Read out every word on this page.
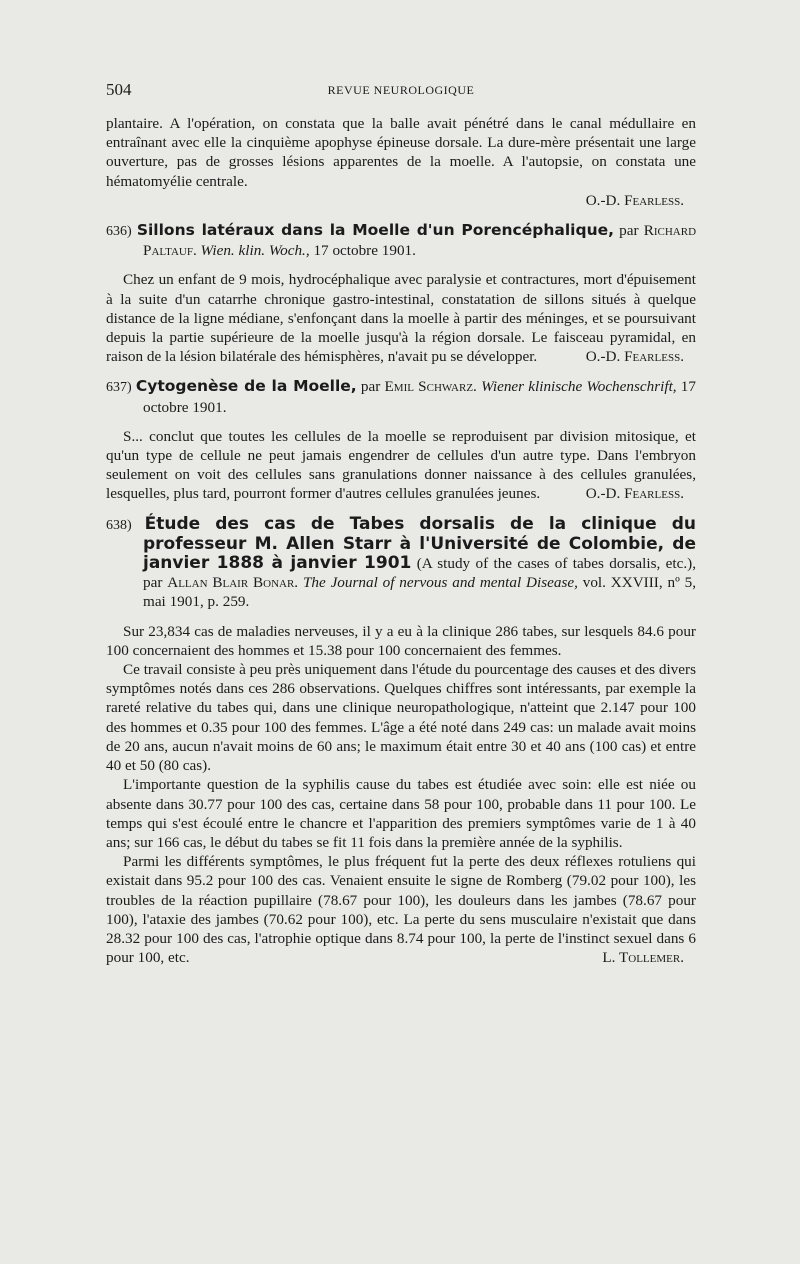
504	REVUE NEUROLOGIQUE

plantaire. A l'opération, on constata que la balle avait pénétré dans le canal médullaire en entraînant avec elle la cinquième apophyse épineuse dorsale. La dure-mère présentait une large ouverture, pas de grosses lésions apparentes de la moelle. A l'autopsie, on constata une hématomyélie centrale.

O.-D. Fearless.

636) Sillons latéraux dans la Moelle d'un Porencéphalique, par Richard Paltauf. Wien. klin. Woch., 17 octobre 1901.

Chez un enfant de 9 mois, hydrocéphalique avec paralysie et contractures, mort d'épuisement à la suite d'un catarrhe chronique gastro-intestinal, constatation de sillons situés à quelque distance de la ligne médiane, s'enfonçant dans la moelle à partir des méninges, et se poursuivant depuis la partie supérieure de la moelle jusqu'à la région dorsale. Le faisceau pyramidal, en raison de la lésion bilatérale des hémisphères, n'avait pu se développer.	O.-D. Fearless.

637) Cytogenèse de la Moelle, par Emil Schwarz. Wiener klinische Wochenschrift, 17 octobre 1901.

S... conclut que toutes les cellules de la moelle se reproduisent par division mitosique, et qu'un type de cellule ne peut jamais engendrer de cellules d'un autre type. Dans l'embryon seulement on voit des cellules sans granulations donner naissance à des cellules granulées, lesquelles, plus tard, pourront former d'autres cellules granulées jeunes.	O.-D. Fearless.

638) Étude des cas de Tabes dorsalis de la clinique du professeur M. Allen Starr à l'Université de Colombie, de janvier 1888 à janvier 1901 (A study of the cases of tabes dorsalis, etc.), par Allan Blair Bonar. The Journal of nervous and mental Disease, vol. XXVIII, nº 5, mai 1901, p. 259.

Sur 23,834 cas de maladies nerveuses, il y a eu à la clinique 286 tabes, sur lesquels 84.6 pour 100 concernaient des hommes et 15.38 pour 100 concernaient des femmes.

Ce travail consiste à peu près uniquement dans l'étude du pourcentage des causes et des divers symptômes notés dans ces 286 observations. Quelques chiffres sont intéressants, par exemple la rareté relative du tabes qui, dans une clinique neuropathologique, n'atteint que 2.147 pour 100 des hommes et 0.35 pour 100 des femmes. L'âge a été noté dans 249 cas: un malade avait moins de 20 ans, aucun n'avait moins de 60 ans; le maximum était entre 30 et 40 ans (100 cas) et entre 40 et 50 (80 cas).

L'importante question de la syphilis cause du tabes est étudiée avec soin: elle est niée ou absente dans 30.77 pour 100 des cas, certaine dans 58 pour 100, probable dans 11 pour 100. Le temps qui s'est écoulé entre le chancre et l'apparition des premiers symptômes varie de 1 à 40 ans; sur 166 cas, le début du tabes se fit 11 fois dans la première année de la syphilis.

Parmi les différents symptômes, le plus fréquent fut la perte des deux réflexes rotuliens qui existait dans 95.2 pour 100 des cas. Venaient ensuite le signe de Romberg (79.02 pour 100), les troubles de la réaction pupillaire (78.67 pour 100), les douleurs dans les jambes (78.67 pour 100), l'ataxie des jambes (70.62 pour 100), etc. La perte du sens musculaire n'existait que dans 28.32 pour 100 des cas, l'atrophie optique dans 8.74 pour 100, la perte de l'instinct sexuel dans 6 pour 100, etc.	L. Tollemer.
